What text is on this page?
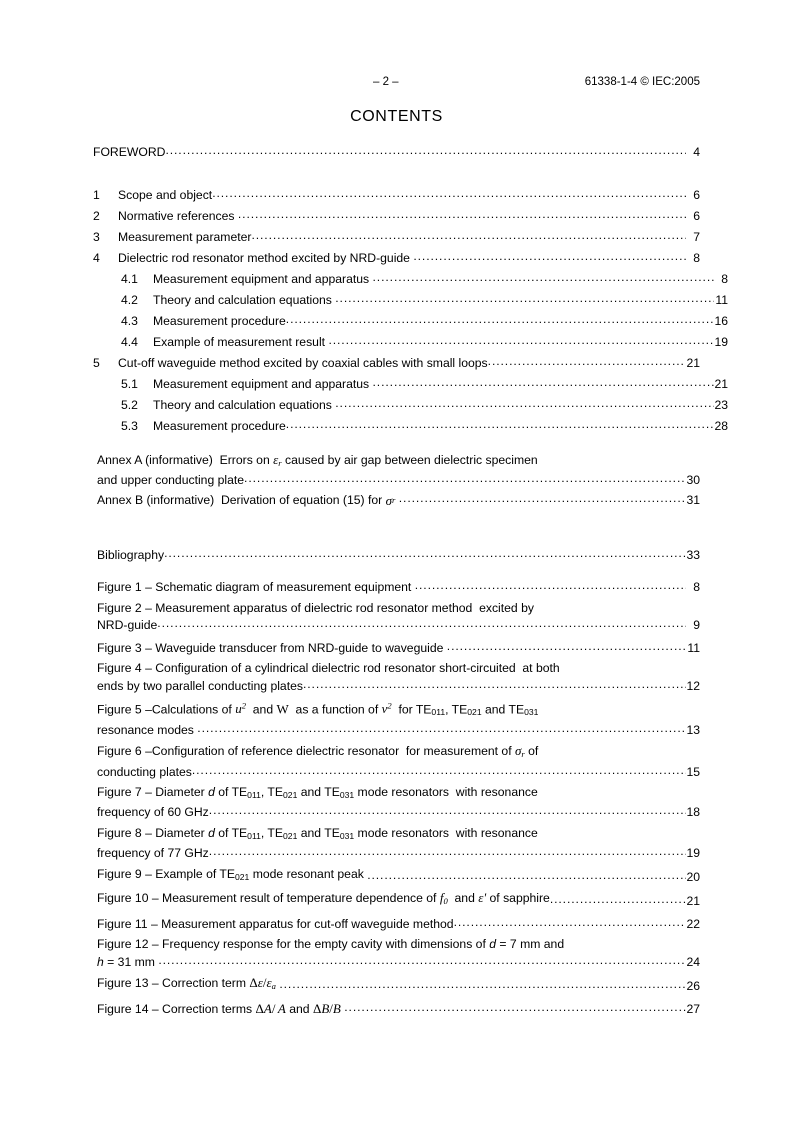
– 2 –	61338-1-4 © IEC:2005
CONTENTS
FOREWORD .....	4
1	Scope and object .....	6
2	Normative references .....	6
3	Measurement parameter .....	7
4	Dielectric rod resonator method excited by NRD-guide .....	8
4.1	Measurement equipment and apparatus .....	8
4.2	Theory and calculation equations .....	11
4.3	Measurement procedure .....	16
4.4	Example of measurement result .....	19
5	Cut-off waveguide method excited by coaxial cables with small loops .....	21
5.1	Measurement equipment and apparatus .....	21
5.2	Theory and calculation equations .....	23
5.3	Measurement procedure .....	28
Annex A (informative)  Errors on εr caused by air gap between dielectric specimen
and upper conducting plate .....	30
Annex B (informative)  Derivation of equation (15) for σ r
.....	31
Bibliography .....	33
Figure 1 – Schematic diagram of measurement equipment .....	8
Figure 2 – Measurement apparatus of dielectric rod resonator method  excited by
NRD-guide .....	9
Figure 3 – Waveguide transducer from NRD-guide to waveguide .....	11
Figure 4 – Configuration of a cylindrical dielectric rod resonator short-circuited  at both
ends by two parallel conducting plates .....	12
Figure 5 –Calculations of $u^2$  and W  as a function of $v^2$  for $TE_{011}$, $TE_{021}$ and $TE_{031}$
resonance modes .....	13
Figure 6 –Configuration of reference dielectric resonator  for measurement of σr of
conducting plates .....	15
Figure 7 – Diameter d of $TE_{011}$, $TE_{021}$ and $TE_{031}$ mode resonators  with resonance
frequency of 60 GHz .....	18
Figure 8 – Diameter d of $TE_{011}$, $TE_{021}$ and $TE_{031}$ mode resonators  with resonance
frequency of 77 GHz .....	19
Figure 9 – Example of $TE_{021}$ mode resonant peak .....	20
Figure 10 – Measurement result of temperature dependence of f0  and ε' of sapphire .....	21
Figure 11 – Measurement apparatus for cut-off waveguide method .....	22
Figure 12 – Frequency response for the empty cavity with dimensions of d = 7 mm and
h = 31 mm .....	24
Figure 13 – Correction term Δε/εa .....	26
Figure 14 – Correction terms ΔA/  A and ΔB/B .....	27
